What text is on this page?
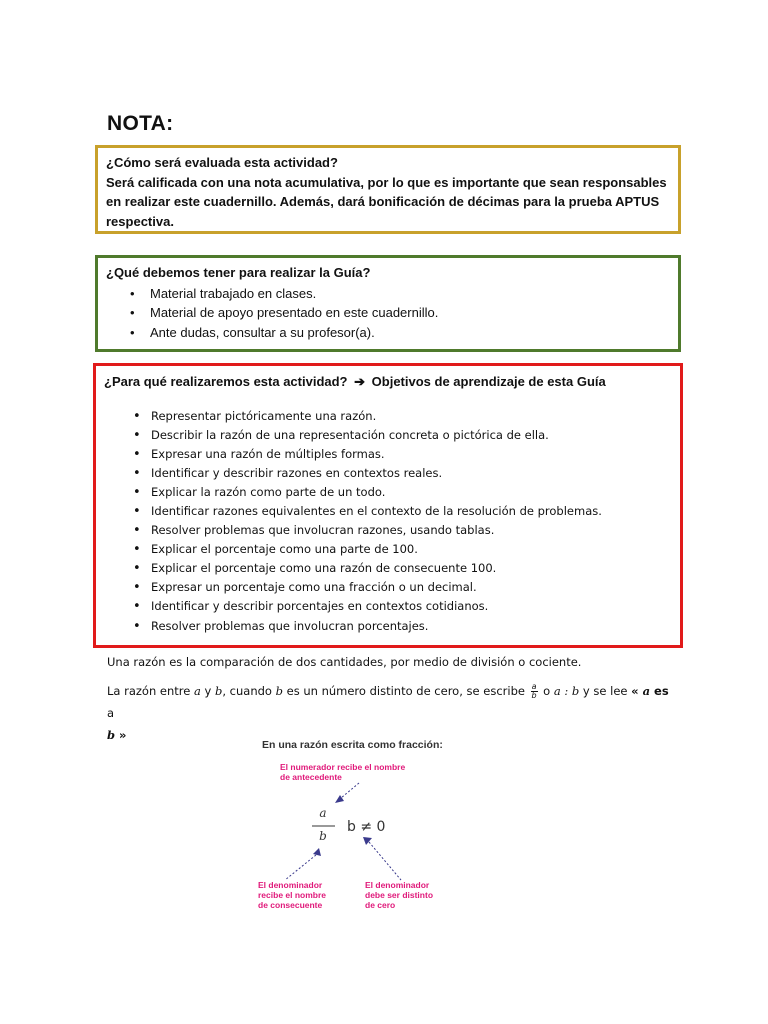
NOTA:

¿Cómo será evaluada esta actividad?

Será calificada con una nota acumulativa, por lo que es importante que sean responsables en realizar este cuadernillo. Además, dará bonificación de décimas para la prueba APTUS respectiva.

¿Qué debemos tener para realizar la Guía?

• Material trabajado en clases.
• Material de apoyo presentado en este cuadernillo.
• Ante dudas, consultar a su profesor(a).

¿Para qué realizaremos esta actividad? ➔ Objetivos de aprendizaje de esta Guía

• Representar pictóricamente una razón.
• Describir la razón de una representación concreta o pictórica de ella.
• Expresar una razón de múltiples formas.
• Identificar y describir razones en contextos reales.
• Explicar la razón como parte de un todo.
• Identificar razones equivalentes en el contexto de la resolución de problemas.
• Resolver problemas que involucran razones, usando tablas.
• Explicar el porcentaje como una parte de 100.
• Explicar el porcentaje como una razón de consecuente 100.
• Expresar un porcentaje como una fracción o un decimal.
• Identificar y describir porcentajes en contextos cotidianos.
• Resolver problemas que involucran porcentajes.
Una razón es la comparación de dos cantidades, por medio de división o cociente.
La razón entre a y b, cuando b es un número distinto de cero, se escribe $\frac{a}{b}$ o a : b y se lee « a es a
b »
En una razón escrita como fracción:
El numerador recibe el nombre
de antecedente
a
b
b ≠ 0
El denominador
recibe el nombre
de consecuente
El denominador
debe ser distinto
de cero
